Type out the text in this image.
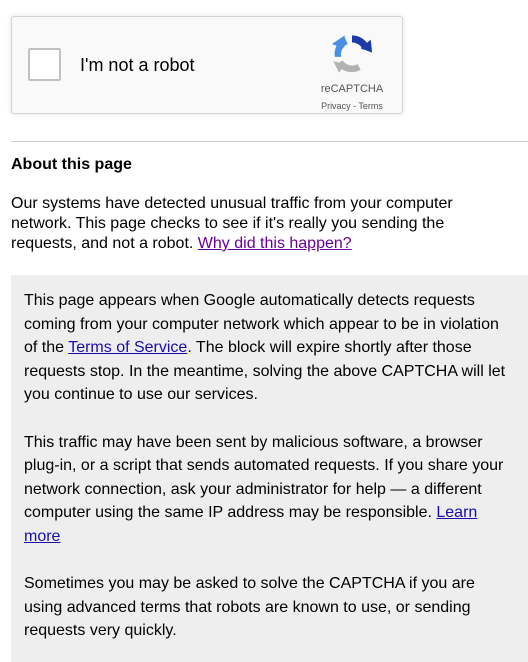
I'm not a robot
reCAPTCHA
Privacy - Terms
About this page

Our systems have detected unusual traffic from your computer network. This page checks to see if it's really you sending the requests, and not a robot. Why did this happen?

This page appears when Google automatically detects requests coming from your computer network which appear to be in violation of the Terms of Service. The block will expire shortly after those requests stop. In the meantime, solving the above CAPTCHA will let you continue to use our services.

This traffic may have been sent by malicious software, a browser plug-in, or a script that sends automated requests. If you share your network connection, ask your administrator for help — a different computer using the same IP address may be responsible. Learn more

Sometimes you may be asked to solve the CAPTCHA if you are using advanced terms that robots are known to use, or sending requests very quickly.
